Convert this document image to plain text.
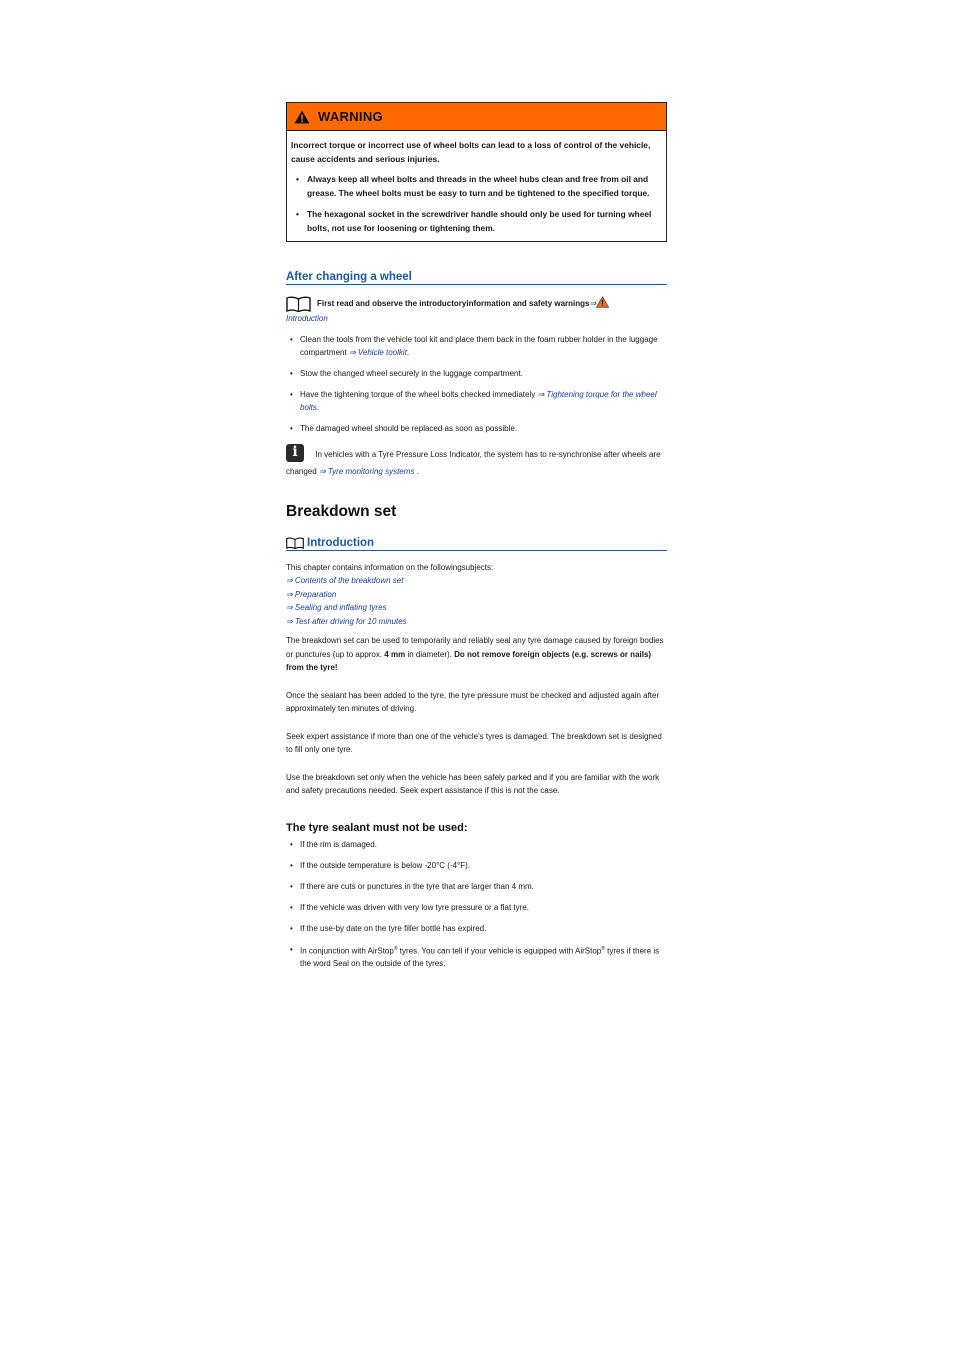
WARNING

Incorrect torque or incorrect use of wheel bolts can lead to a loss of control of the vehicle, cause accidents and serious injuries.

• Always keep all wheel bolts and threads in the wheel hubs clean and free from oil and grease. The wheel bolts must be easy to turn and be tightened to the specified torque.
• The hexagonal socket in the screwdriver handle should only be used for turning wheel bolts, not use for loosening or tightening them.
After changing a wheel
First read and observe the introductoryinformation and safety warnings ⇒
Introduction
• Clean the tools from the vehicle tool kit and place them back in the foam rubber holder in the luggage compartment ⇒ Vehicle toolkit.
• Stow the changed wheel securely in the luggage compartment.
• Have the tightening torque of the wheel bolts checked immediately ⇒ Tightening torque for the wheel bolts.
• The damaged wheel should be replaced as soon as possible.
i In vehicles with a Tyre Pressure Loss Indicator, the system has to re-synchronise after wheels are changed ⇒ Tyre monitoring systems .
Breakdown set
Introduction

This chapter contains information on the followingsubjects:

⇒ Contents of the breakdown set
⇒ Preparation
⇒ Sealing and inflating tyres
⇒ Test after driving for 10 minutes

The breakdown set can be used to temporarily and reliably seal any tyre damage caused by foreign bodies or punctures (up to approx. 4 mm in diameter). Do not remove foreign objects (e.g. screws or nails) from the tyre!

Once the sealant has been added to the tyre, the tyre pressure must be checked and adjusted again after approximately ten minutes of driving.

Seek expert assistance if more than one of the vehicle's tyres is damaged. The breakdown set is designed to fill only one tyre.

Use the breakdown set only when the vehicle has been safely parked and if you are familiar with the work and safety precautions needed. Seek expert assistance if this is not the case.

The tyre sealant must not be used:
• If the rim is damaged.
• If the outside temperature is below -20°C (-4°F).
• If there are cuts or punctures in the tyre that are larger than 4 mm.
• If the vehicle was driven with very low tyre pressure or a flat tyre.
• If the use-by date on the tyre filler bottle has expired.
• In conjunction with AirStop® tyres. You can tell if your vehicle is equipped with AirStop® tyres if there is the word Seal on the outside of the tyres.
